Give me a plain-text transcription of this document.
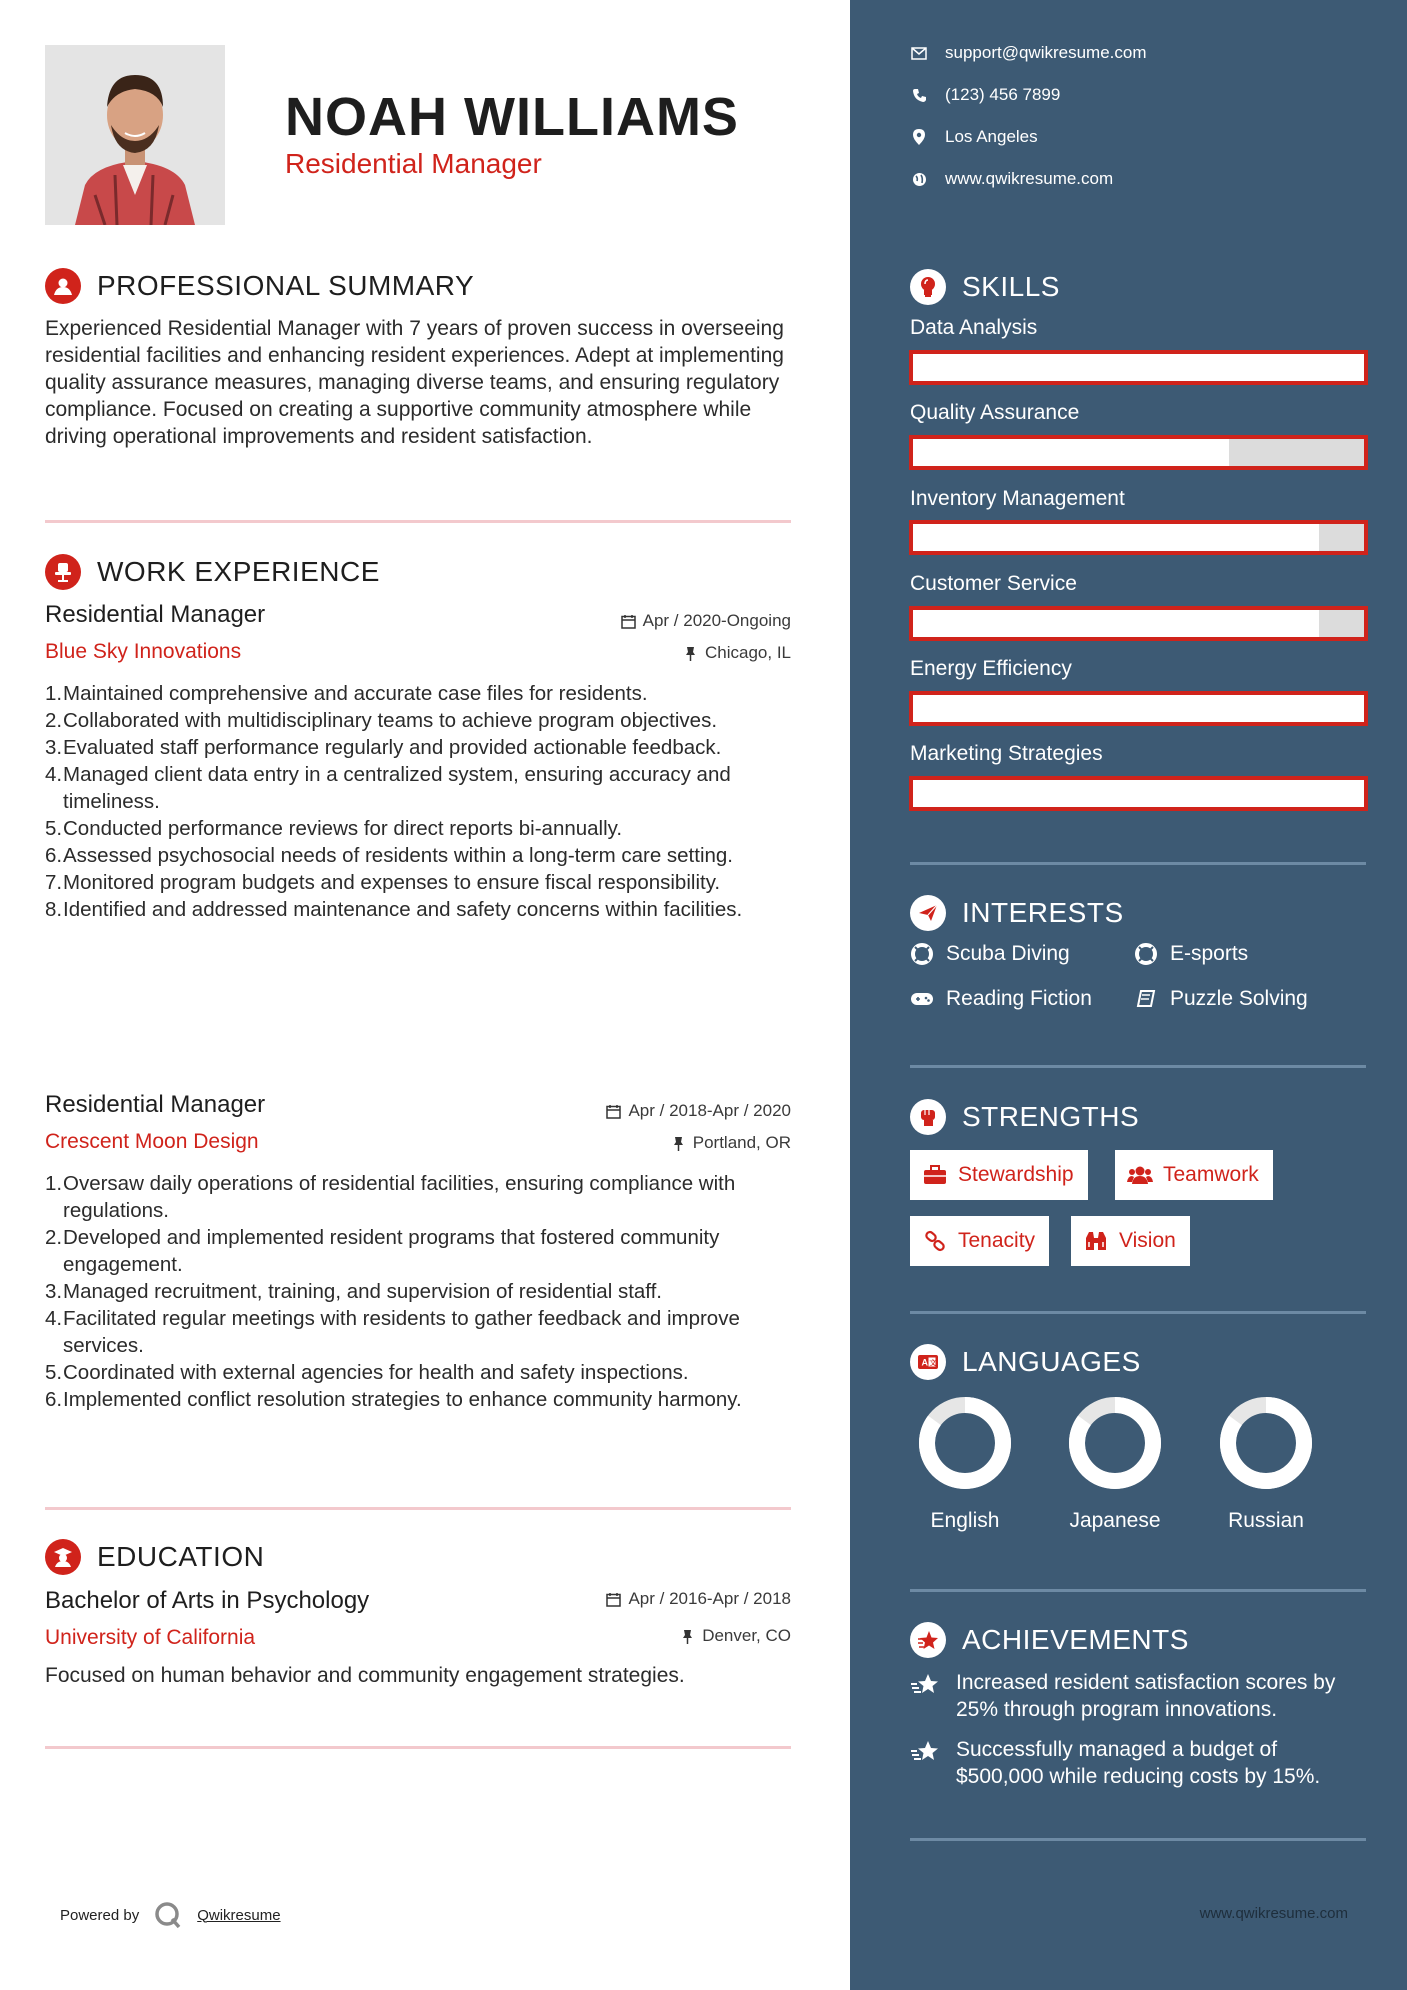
NOAH WILLIAMS
Residential Manager
PROFESSIONAL SUMMARY
Experienced Residential Manager with 7 years of proven success in overseeing residential facilities and enhancing resident experiences. Adept at implementing quality assurance measures, managing diverse teams, and ensuring regulatory compliance. Focused on creating a supportive community atmosphere while driving operational improvements and resident satisfaction.
WORK EXPERIENCE
Residential Manager	Apr / 2020-Ongoing
Blue Sky Innovations	Chicago, IL
1. Maintained comprehensive and accurate case files for residents.
2. Collaborated with multidisciplinary teams to achieve program objectives.
3. Evaluated staff performance regularly and provided actionable feedback.
4. Managed client data entry in a centralized system, ensuring accuracy and timeliness.
5. Conducted performance reviews for direct reports bi-annually.
6. Assessed psychosocial needs of residents within a long-term care setting.
7. Monitored program budgets and expenses to ensure fiscal responsibility.
8. Identified and addressed maintenance and safety concerns within facilities.
Residential Manager	Apr / 2018-Apr / 2020
Crescent Moon Design	Portland, OR
1. Oversaw daily operations of residential facilities, ensuring compliance with regulations.
2. Developed and implemented resident programs that fostered community engagement.
3. Managed recruitment, training, and supervision of residential staff.
4. Facilitated regular meetings with residents to gather feedback and improve services.
5. Coordinated with external agencies for health and safety inspections.
6. Implemented conflict resolution strategies to enhance community harmony.
EDUCATION
Bachelor of Arts in Psychology	Apr / 2016-Apr / 2018
University of California	Denver, CO
Focused on human behavior and community engagement strategies.
Powered by	Qwikresume
support@qwikresume.com
(123) 456 7899
Los Angeles
www.qwikresume.com
SKILLS
Data Analysis
Quality Assurance
Inventory Management
Customer Service
Energy Efficiency
Marketing Strategies
INTERESTS
Scuba Diving	E-sports
Reading Fiction	Puzzle Solving
STRENGTHS
Stewardship	Teamwork
Tenacity	Vision
A 文 LANGUAGES
English	Japanese	Russian
ACHIEVEMENTS
Increased resident satisfaction scores by 25% through program innovations.
Successfully managed a budget of $500,000 while reducing costs by 15%.
www.qwikresume.com
